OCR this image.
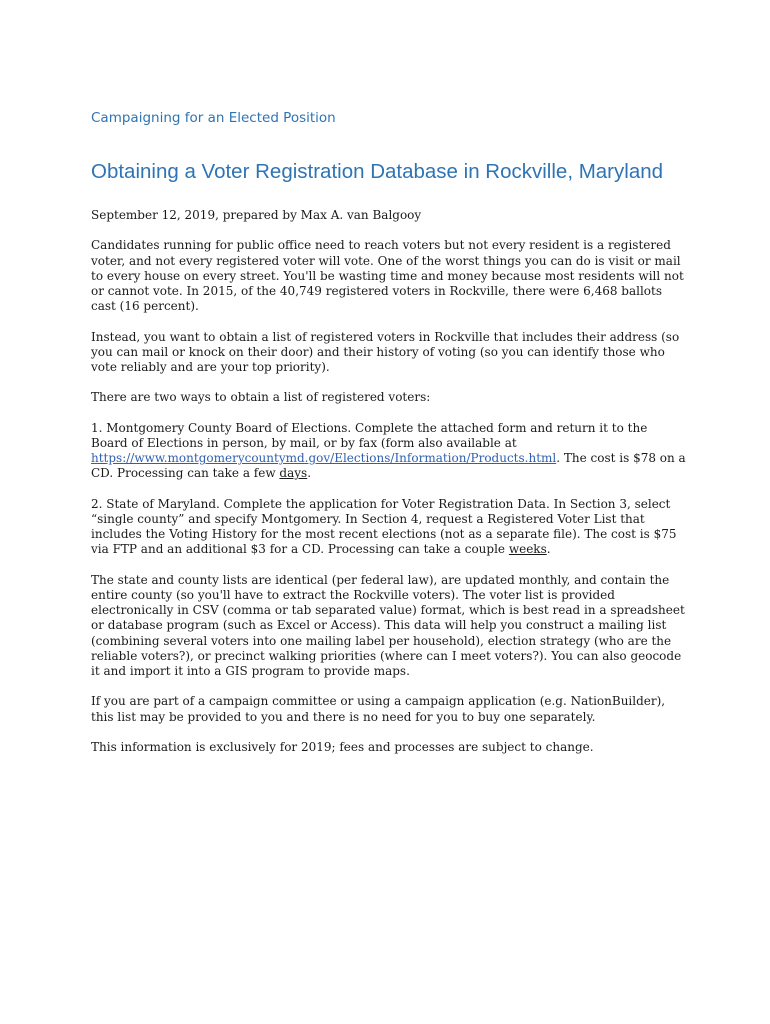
Campaigning for an Elected Position
Obtaining a Voter Registration Database in Rockville, Maryland

September 12, 2019, prepared by Max A. van Balgooy

Candidates running for public office need to reach voters but not every resident is a registered voter, and not every registered voter will vote. One of the worst things you can do is visit or mail to every house on every street. You'll be wasting time and money because most residents will not or cannot vote. In 2015, of the 40,749 registered voters in Rockville, there were 6,468 ballots cast (16 percent).

Instead, you want to obtain a list of registered voters in Rockville that includes their address (so you can mail or knock on their door) and their history of voting (so you can identify those who vote reliably and are your top priority).

There are two ways to obtain a list of registered voters:

1. Montgomery County Board of Elections. Complete the attached form and return it to the Board of Elections in person, by mail, or by fax (form also available at https://www.montgomerycountymd.gov/Elections/Information/Products.html. The cost is $78 on a CD. Processing can take a few days.

2. State of Maryland. Complete the application for Voter Registration Data. In Section 3, select “single county” and specify Montgomery. In Section 4, request a Registered Voter List that includes the Voting History for the most recent elections (not as a separate file). The cost is $75 via FTP and an additional $3 for a CD. Processing can take a couple weeks.

The state and county lists are identical (per federal law), are updated monthly, and contain the entire county (so you'll have to extract the Rockville voters). The voter list is provided electronically in CSV (comma or tab separated value) format, which is best read in a spreadsheet or database program (such as Excel or Access). This data will help you construct a mailing list (combining several voters into one mailing label per household), election strategy (who are the reliable voters?), or precinct walking priorities (where can I meet voters?). You can also geocode it and import it into a GIS program to provide maps.

If you are part of a campaign committee or using a campaign application (e.g. NationBuilder), this list may be provided to you and there is no need for you to buy one separately.

This information is exclusively for 2019; fees and processes are subject to change.
